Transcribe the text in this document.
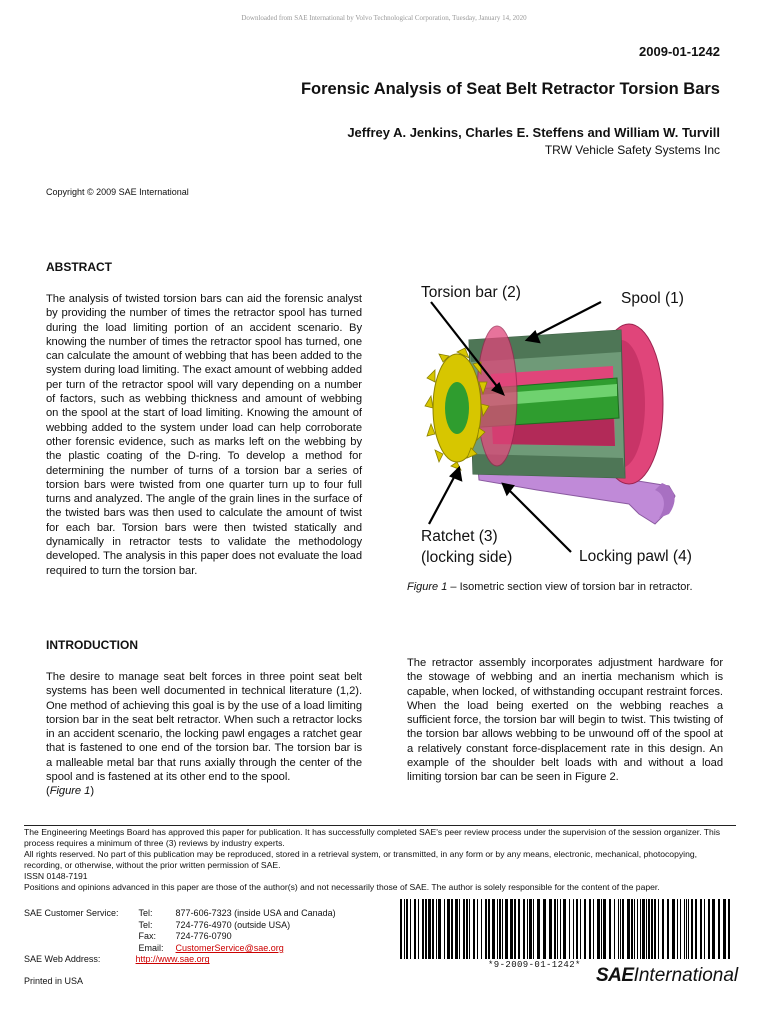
Downloaded from SAE International by Volvo Technological Corporation, Tuesday, January 14, 2020
2009-01-1242
Forensic Analysis of Seat Belt Retractor Torsion Bars
Jeffrey A. Jenkins, Charles E. Steffens and William W. Turvill
TRW Vehicle Safety Systems Inc
Copyright © 2009 SAE International
ABSTRACT

The analysis of twisted torsion bars can aid the forensic analyst by providing the number of times the retractor spool has turned during the load limiting portion of an accident scenario. By knowing the number of times the retractor spool has turned, one can calculate the amount of webbing that has been added to the system during load limiting. The exact amount of webbing added per turn of the retractor spool will vary depending on a number of factors, such as webbing thickness and amount of webbing on the spool at the start of load limiting. Knowing the amount of webbing added to the system under load can help corroborate other forensic evidence, such as marks left on the webbing by the plastic coating of the D-ring. To develop a method for determining the number of turns of a torsion bar a series of torsion bars were twisted from one quarter turn up to four full turns and analyzed. The angle of the grain lines in the surface of the twisted bars was then used to calculate the amount of twist for each bar. Torsion bars were then twisted statically and dynamically in retractor tests to validate the methodology developed. The analysis in this paper does not evaluate the load required to turn the torsion bar.

INTRODUCTION

The desire to manage seat belt forces in three point seat belt systems has been well documented in technical literature (1,2). One method of achieving this goal is by the use of a load limiting torsion bar in the seat belt retractor. When such a retractor locks in an accident scenario, the locking pawl engages a ratchet gear that is fastened to one end of the torsion bar. The torsion bar is a malleable metal bar that runs axially through the center of the spool and is fastened at its other end to the spool.

(Figure 1)

Torsion bar (2)	Spool (1)
Ratchet (3)
(locking side)	Locking pawl (4)

Figure 1 – Isometric section view of torsion bar in retractor.

The retractor assembly incorporates adjustment hardware for the stowage of webbing and an inertia mechanism which is capable, when locked, of withstanding occupant restraint forces. When the load being exerted on the webbing reaches a sufficient force, the torsion bar will begin to twist. This twisting of the torsion bar allows webbing to be unwound off of the spool at a relatively constant force-displacement rate in this design. An example of the shoulder belt loads with and without a load limiting torsion bar can be seen in Figure 2.

The Engineering Meetings Board has approved this paper for publication. It has successfully completed SAE's peer review process under the supervision of the session organizer. This process requires a minimum of three (3) reviews by industry experts.
All rights reserved. No part of this publication may be reproduced, stored in a retrieval system, or transmitted, in any form or by any means, electronic, mechanical, photocopying, recording, or otherwise, without the prior written permission of SAE.
ISSN 0148-7191
Positions and opinions advanced in this paper are those of the author(s) and not necessarily those of SAE. The author is solely responsible for the content of the paper.
SAE Customer Service:	Tel:	877-606-7323 (inside USA and Canada)
	Tel:	724-776-4970 (outside USA)
	Fax:	724-776-0790
	Email:	CustomerService@sae.org
SAE Web Address:		http://www.sae.org
Printed in USA
*9-2009-01-1242* SAEInternational
